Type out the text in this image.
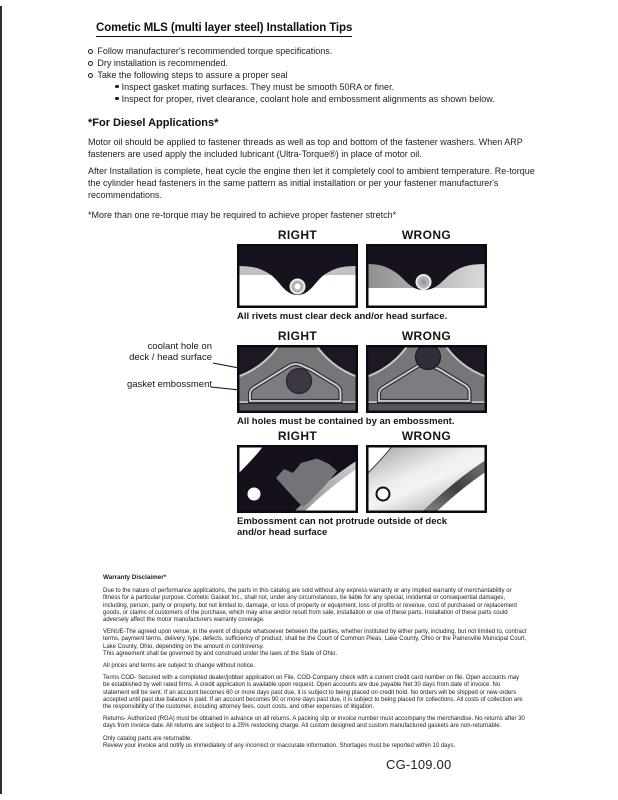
Cometic MLS (multi layer steel) Installation Tips
Follow manufacturer's recommended torque specifications.
Dry installation is recommended.
Take the following steps to assure a proper seal
Inspect gasket mating surfaces. They must be smooth 50RA or finer.
Inspect for proper, rivet clearance, coolant hole and embossment alignments as shown below.
*For Diesel Applications*
Motor oil should be applied to fastener threads as well as top and bottom of the fastener washers. When ARP fasteners are used apply the included lubricant (Ultra-Torque®) in place of motor oil.
After Installation is complete, heat cycle the engine then let it completely cool to ambient temperature. Re-torque the cylinder head fasteners in the same pattern as initial installation or per your fastener manufacturer's recommendations.
*More than one re-torque may be required to achieve proper fastener stretch*
RIGHT	WRONG
All rivets must clear deck and/or head surface.
coolant hole on
deck / head surface
gasket embossment
RIGHT	WRONG
All holes must be contained by an embossment.
RIGHT	WRONG
Embossment can not protrude outside of deck
and/or head surface
Warranty Disclaimer*
Due to the nature of performance applications, the parts in this catalog are sold without any express warranty or any implied warranty of merchantability or fitness for a particular purpose. Cometic Gasket Inc., shall not, under any circumstances, be liable for any special, incidental or consequential damages, including, person, party or property, but not limited to, damage, or loss of property or equipment, loss of profits or revenue, cost of purchased or replacement goods, or claims of customers of the purchase, which may arise and/or result from sale, installation or use of these parts. Installation of these parts could adversely affect the motor manufacturers warranty coverage.
VENUE-The agreed upon venue, in the event of dispute whatsoever between the parties, whether instituted by either party, including, but not limited to, contract terms, payment terms, delivery, type, defects, sufficiency of product, shall be the Court of Common Pleas, Lake County, Ohio or the Painesville Municipal Court, Lake County, Ohio, depending on the amount in controversy.
This agreement shall be governed by and construed under the laws of the State of Ohio.
All prices and terms are subject to change without notice.
Terms COD- Secured with a completed dealer/jobber application on File, COD-Company check with a current credit card number on file. Open accounts may be established by well rated firms. A credit application is available upon request. Open accounts are due payable Net 30 days from date of invoice. No statement will be sent. If an account becomes 60 or more days past due, it is subject to being placed on credit hold. No orders will be shipped or new orders accepted until past due balance is paid. If an account becomes 90 or more days past due, it is subject to being placed for collections. All costs of collection are the responsibility of the customer, including attorney fees, court costs, and other expenses of litigation.
Returns- Authorized (RGA) must be obtained in advance on all returns. A packing slip or invoice number must accompany the merchandise. No returns after 30 days from invoice date. All returns are subject to a 25% restocking charge. All custom designed and custom manufactured gaskets are non-returnable.
Only catalog parts are returnable.
Review your invoice and notify us immediately of any incorrect or inaccurate information. Shortages must be reported within 10 days.
CG-109.00
